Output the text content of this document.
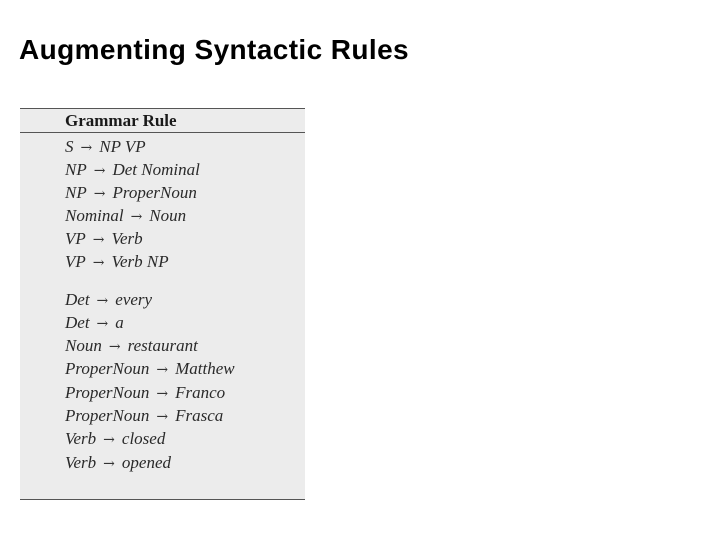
Augmenting Syntactic Rules
Grammar Rule
S → NP VP
NP → Det Nominal
NP → ProperNoun
Nominal → Noun
VP → Verb
VP → Verb NP
Det → every
Det → a
Noun → restaurant
ProperNoun → Matthew
ProperNoun → Franco
ProperNoun → Frasca
Verb → closed
Verb → opened
